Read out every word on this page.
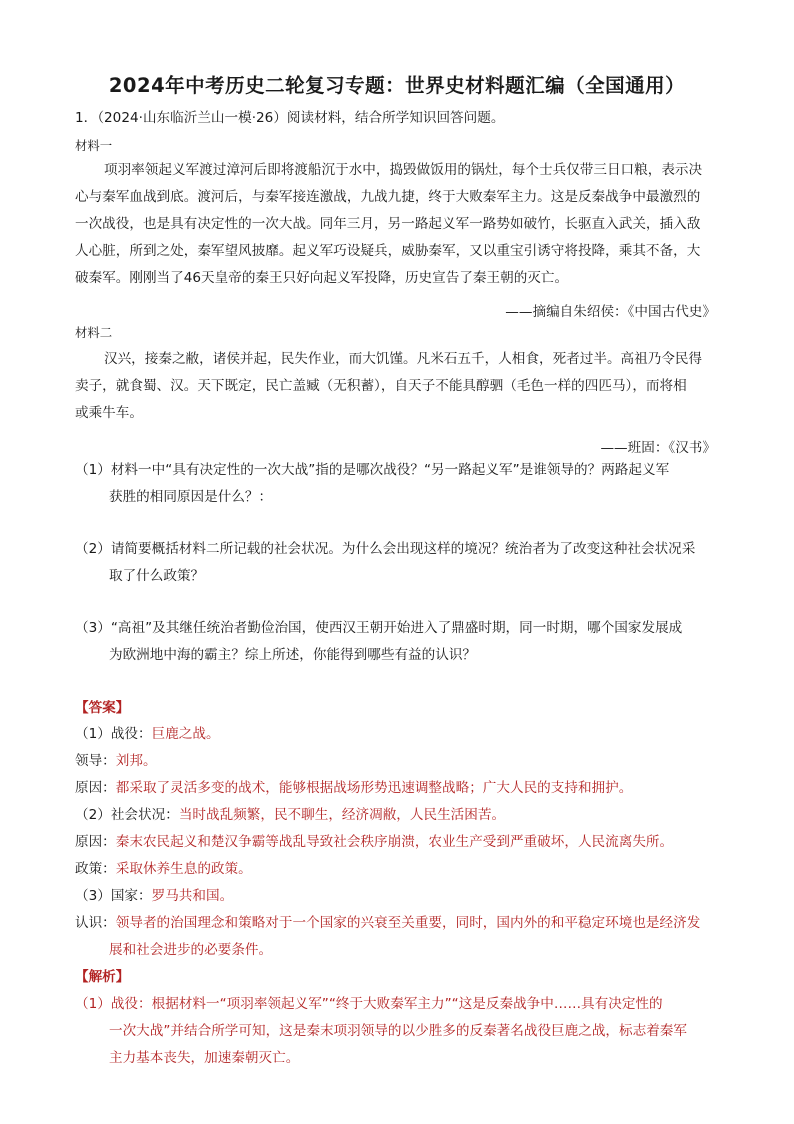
2024年中考历史二轮复习专题：世界史材料题汇编（全国通用）
1．（2024·山东临沂兰山一模·26）阅读材料，结合所学知识回答问题。
材料一
项羽率领起义军渡过漳河后即将渡船沉于水中，捣毁做饭用的锅灶，每个士兵仅带三日口粮，表示决
心与秦军血战到底。渡河后，与秦军接连激战，九战九捷，终于大败秦军主力。这是反秦战争中最激烈的
一次战役，也是具有决定性的一次大战。同年三月，另一路起义军一路势如破竹，长驱直入武关，插入敌
人心脏，所到之处，秦军望风披靡。起义军巧设疑兵，威胁秦军，又以重宝引诱守将投降，乘其不备，大
破秦军。刚刚当了46天皇帝的秦王只好向起义军投降，历史宣告了秦王朝的灭亡。
——摘编自朱绍侯：《中国古代史》
材料二
汉兴，接秦之敝，诸侯并起，民失作业，而大饥馑。凡米石五千，人相食，死者过半。高祖乃令民得
卖子，就食蜀、汉。天下既定，民亡盖臧（无积蓄），自天子不能具醇驷（毛色一样的四匹马），而将相
或乘牛车。
——班固：《汉书》
（1）材料一中“具有决定性的一次大战”指的是哪次战役？“另一路起义军”是谁领导的？两路起义军
获胜的相同原因是什么？：
（2）请简要概括材料二所记载的社会状况。为什么会出现这样的境况？统治者为了改变这种社会状况采
取了什么政策？
（3）“高祖”及其继任统治者勤俭治国，使西汉王朝开始进入了鼎盛时期，同一时期，哪个国家发展成
为欧洲地中海的霸主？综上所述，你能得到哪些有益的认识？
【答案】
（1）战役：巨鹿之战。
领导：刘邦。
原因：都采取了灵活多变的战术，能够根据战场形势迅速调整战略；广大人民的支持和拥护。
（2）社会状况：当时战乱频繁，民不聊生，经济凋敝，人民生活困苦。
原因：秦末农民起义和楚汉争霸等战乱导致社会秩序崩溃，农业生产受到严重破坏，人民流离失所。
政策：采取休养生息的政策。
（3）国家：罗马共和国。
认识：领导者的治国理念和策略对于一个国家的兴衰至关重要，同时，国内外的和平稳定环境也是经济发
展和社会进步的必要条件。
【解析】
（1）战役：根据材料一“项羽率领起义军”“终于大败秦军主力”“这是反秦战争中……具有决定性的
一次大战”并结合所学可知，这是秦末项羽领导的以少胜多的反秦著名战役巨鹿之战，标志着秦军
主力基本丧失，加速秦朝灭亡。
